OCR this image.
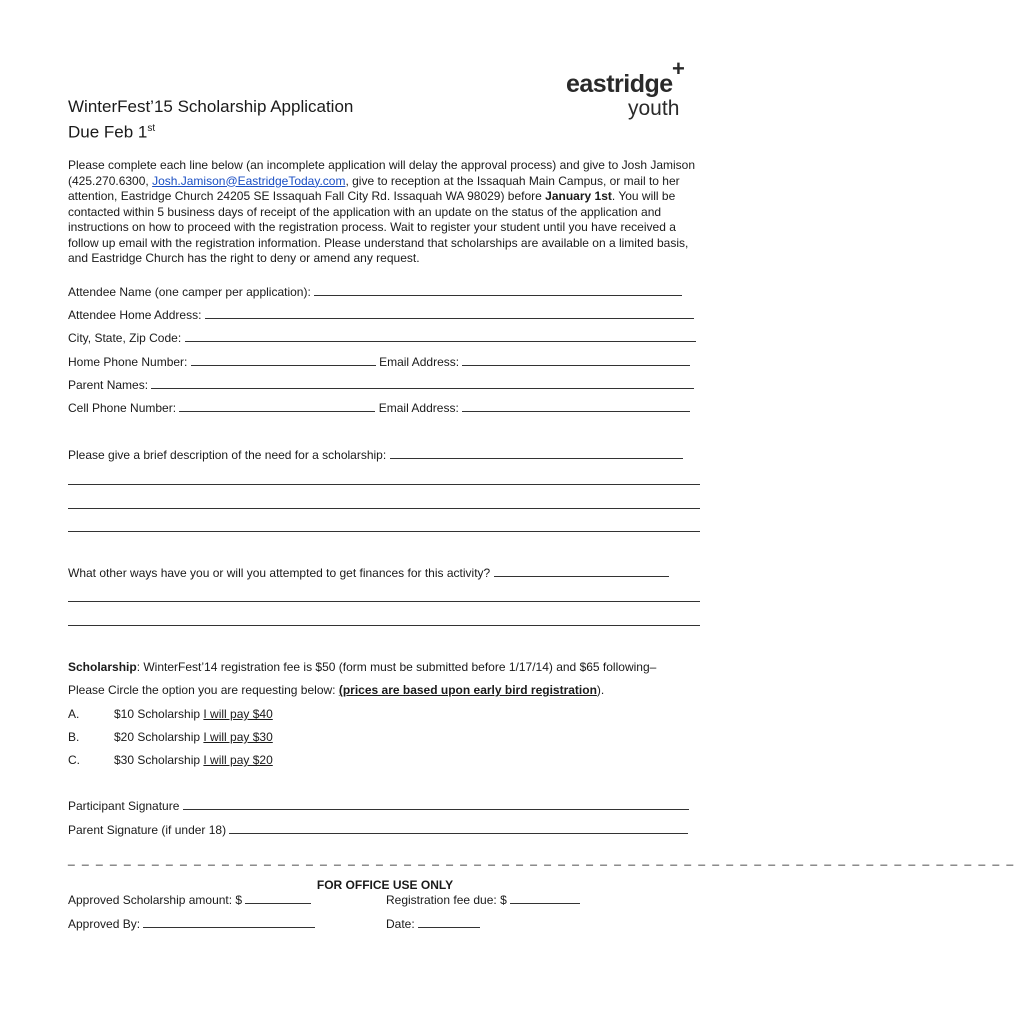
+
eastridge
youth
WinterFest’15 Scholarship Application
Due Feb 1st
Please complete each line below (an incomplete application will delay the approval process) and give to Josh Jamison (425.270.6300, Josh.Jamison@EastridgeToday.com, give to reception at the Issaquah Main Campus, or mail to her attention, Eastridge Church 24205 SE Issaquah Fall City Rd. Issaquah WA 98029) before January 1st. You will be contacted within 5 business days of receipt of the application with an update on the status of the application and instructions on how to proceed with the registration process. Wait to register your student until you have received a follow up email with the registration information. Please understand that scholarships are available on a limited basis, and Eastridge Church has the right to deny or amend any request.
Attendee Name (one camper per application):
Attendee Home Address:
City, State, Zip Code:
Home Phone Number:	Email Address:
Parent Names:
Cell Phone Number:	Email Address:
Please give a brief description of the need for a scholarship:
What other ways have you or will you attempted to get finances for this activity?
Scholarship: WinterFest’14 registration fee is $50 (form must be submitted before 1/17/14) and $65 following–
Please Circle the option you are requesting below: (prices are based upon early bird registration).
A.	$10 Scholarship I will pay $40
B.	$20 Scholarship I will pay $30
C.	$30 Scholarship I will pay $20
Participant Signature
Parent Signature (if under 18)
_ _ _ _ _ _ _ _ _ _ _ _ _ _ _ _ _ _ _ _ _ _ _ _ _ _ _ _ _ _ _ _ _ _ _ _ _ _ _ _ _ _ _ _ _ _ _ _ _ _ _ _ _ _ _ _ _ _ _ _ _ _ _ _ _ _ _ _
FOR OFFICE USE ONLY
Approved Scholarship amount: $	Registration fee due: $
Approved By:	Date:
